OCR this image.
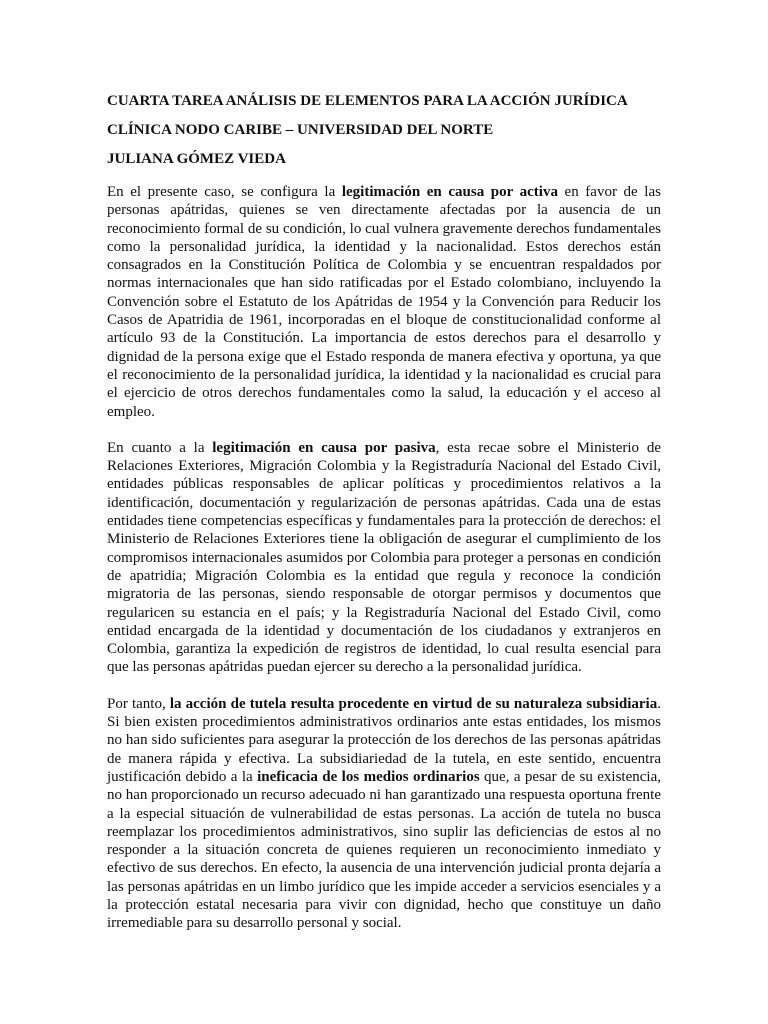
CUARTA TAREA ANÁLISIS DE ELEMENTOS PARA LA ACCIÓN JURÍDICA
CLÍNICA NODO CARIBE – UNIVERSIDAD DEL NORTE
JULIANA GÓMEZ VIEDA

En el presente caso, se configura la legitimación en causa por activa en favor de las personas apátridas, quienes se ven directamente afectadas por la ausencia de un reconocimiento formal de su condición, lo cual vulnera gravemente derechos fundamentales como la personalidad jurídica, la identidad y la nacionalidad. Estos derechos están consagrados en la Constitución Política de Colombia y se encuentran respaldados por normas internacionales que han sido ratificadas por el Estado colombiano, incluyendo la Convención sobre el Estatuto de los Apátridas de 1954 y la Convención para Reducir los Casos de Apatridia de 1961, incorporadas en el bloque de constitucionalidad conforme al artículo 93 de la Constitución. La importancia de estos derechos para el desarrollo y dignidad de la persona exige que el Estado responda de manera efectiva y oportuna, ya que el reconocimiento de la personalidad jurídica, la identidad y la nacionalidad es crucial para el ejercicio de otros derechos fundamentales como la salud, la educación y el acceso al empleo.

En cuanto a la legitimación en causa por pasiva, esta recae sobre el Ministerio de Relaciones Exteriores, Migración Colombia y la Registraduría Nacional del Estado Civil, entidades públicas responsables de aplicar políticas y procedimientos relativos a la identificación, documentación y regularización de personas apátridas. Cada una de estas entidades tiene competencias específicas y fundamentales para la protección de derechos: el Ministerio de Relaciones Exteriores tiene la obligación de asegurar el cumplimiento de los compromisos internacionales asumidos por Colombia para proteger a personas en condición de apatridia; Migración Colombia es la entidad que regula y reconoce la condición migratoria de las personas, siendo responsable de otorgar permisos y documentos que regularicen su estancia en el país; y la Registraduría Nacional del Estado Civil, como entidad encargada de la identidad y documentación de los ciudadanos y extranjeros en Colombia, garantiza la expedición de registros de identidad, lo cual resulta esencial para que las personas apátridas puedan ejercer su derecho a la personalidad jurídica.

Por tanto, la acción de tutela resulta procedente en virtud de su naturaleza subsidiaria. Si bien existen procedimientos administrativos ordinarios ante estas entidades, los mismos no han sido suficientes para asegurar la protección de los derechos de las personas apátridas de manera rápida y efectiva. La subsidiariedad de la tutela, en este sentido, encuentra justificación debido a la ineficacia de los medios ordinarios que, a pesar de su existencia, no han proporcionado un recurso adecuado ni han garantizado una respuesta oportuna frente a la especial situación de vulnerabilidad de estas personas. La acción de tutela no busca reemplazar los procedimientos administrativos, sino suplir las deficiencias de estos al no responder a la situación concreta de quienes requieren un reconocimiento inmediato y efectivo de sus derechos. En efecto, la ausencia de una intervención judicial pronta dejaría a las personas apátridas en un limbo jurídico que les impide acceder a servicios esenciales y a la protección estatal necesaria para vivir con dignidad, hecho que constituye un daño irremediable para su desarrollo personal y social.
